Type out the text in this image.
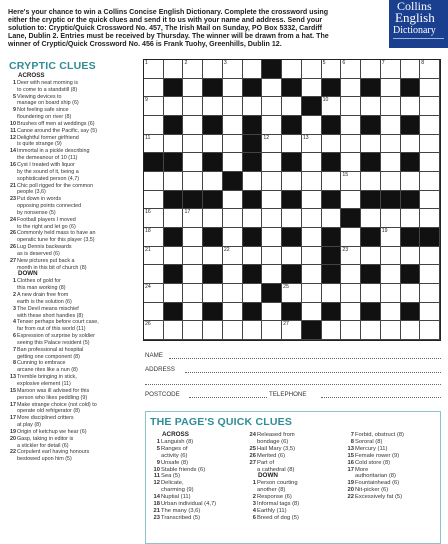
Here's your chance to win a Collins Concise English Dictionary. Complete the crossword using
either the cryptic or the quick clues and send it to us with your name and address. Send your
solution to: Cryptic/Quick Crossword No. 457, The Irish Mail on Sunday, PO Box 5332, Cardiff
Lane, Dublin 2. Entries must be received by Thursday. The winner will be drawn from a hat. The
winner of Cryptic/Quick Crossword No. 456 is Frank Tuohy, Greenhills, Dublin 12.
Collins
English
Dictionary
CRYPTIC CLUES
ACROSS
1 Deer with neat morning is
to come to a standstill (8)
5 Viewing devices to
manage on board ship (6)
9 Not feeling safe since
floundering on river (8)
10 Brushes off men at weddings (6)
11 Canoe around the Pacific, say (5)
12 Delightful former girlfriend
is quite strange (9)
14 Immortal in a pickle describing
the demeanour of 10 (11)
16 Cyst I treated with liquor
by the sound of it, being a
sophisticated person (4,7)
21 Chic poll rigged for the common
people (3,6)
23 Put down in words
opposing points connected
by nonsense (5)
24 Football players I moved
to the right and let go (6)
26 Commonly held mass to have an
operatic tune for this player (3,5)
26 Lug Dennis backwards
as is deserved (6)
27 New pictures put back a
month in this bit of church (8)
DOWN
1 Clothes of gold for
this man working (8)
2 A new drain free from
earth is the solution (6)
3 The Devil means mischief
with these short handles (8)
4 Tenser perhaps before court case,
far from out of this world (11)
6 Expression of surprise by soldier
seeing this Palace resident (5)
7 Ban professional at hospital
getting one component (8)
8 Cunning to embrace
arcane rites like a nun (8)
13 Tremble bringing in stick,
explosive element (11)
15 Maroon was ill advised for this
person who likes peddling (9)
17 Make strange choice (not cold) to
operate old refrigerator (8)
17 More disciplined critters
at play (8)
19 Origin of ketchup we hear (6)
20 Gasp, taking in editor is
a stickler for detail (6)
22 Corpulent earl having honours
bestowed upon him (5)
1	2	3	5	6	7	8
9	10
11	12	13
15
16	17
18	19
21	22	23
24	25
26	27
NAME
ADDRESS
POSTCODE	TELEPHONE
THE PAGE'S QUICK CLUES
ACROSS
1 Languish (8)
5 Ranges of
activity (6)
9 Unsafe (8)
10 Stable friends (6)
11 Sea (5)
12 Delicate,
charming (9)
14 Nuptial (11)
18 Urban individual (4,7)
21 The many (3,6)
23 Transcribed (5)
24 Released from
bondage (6)
25 Hail Mary (3,5)
26 Merited (6)
27 Part of
a cathedral (8)
DOWN
1 Person courting
another (8)
2 Response (6)
3 Informal tags (8)
4 Earthly (11)
6 Breed of dog (5)
7 Forbid, obstruct (8)
8 Sororal (8)
13 Mercury (11)
15 Female rower (9)
16 Cold store (8)
17 More
authoritarian (8)
19 Fountainhead (6)
20 Nit-picker (6)
22 Excessively fat (5)
